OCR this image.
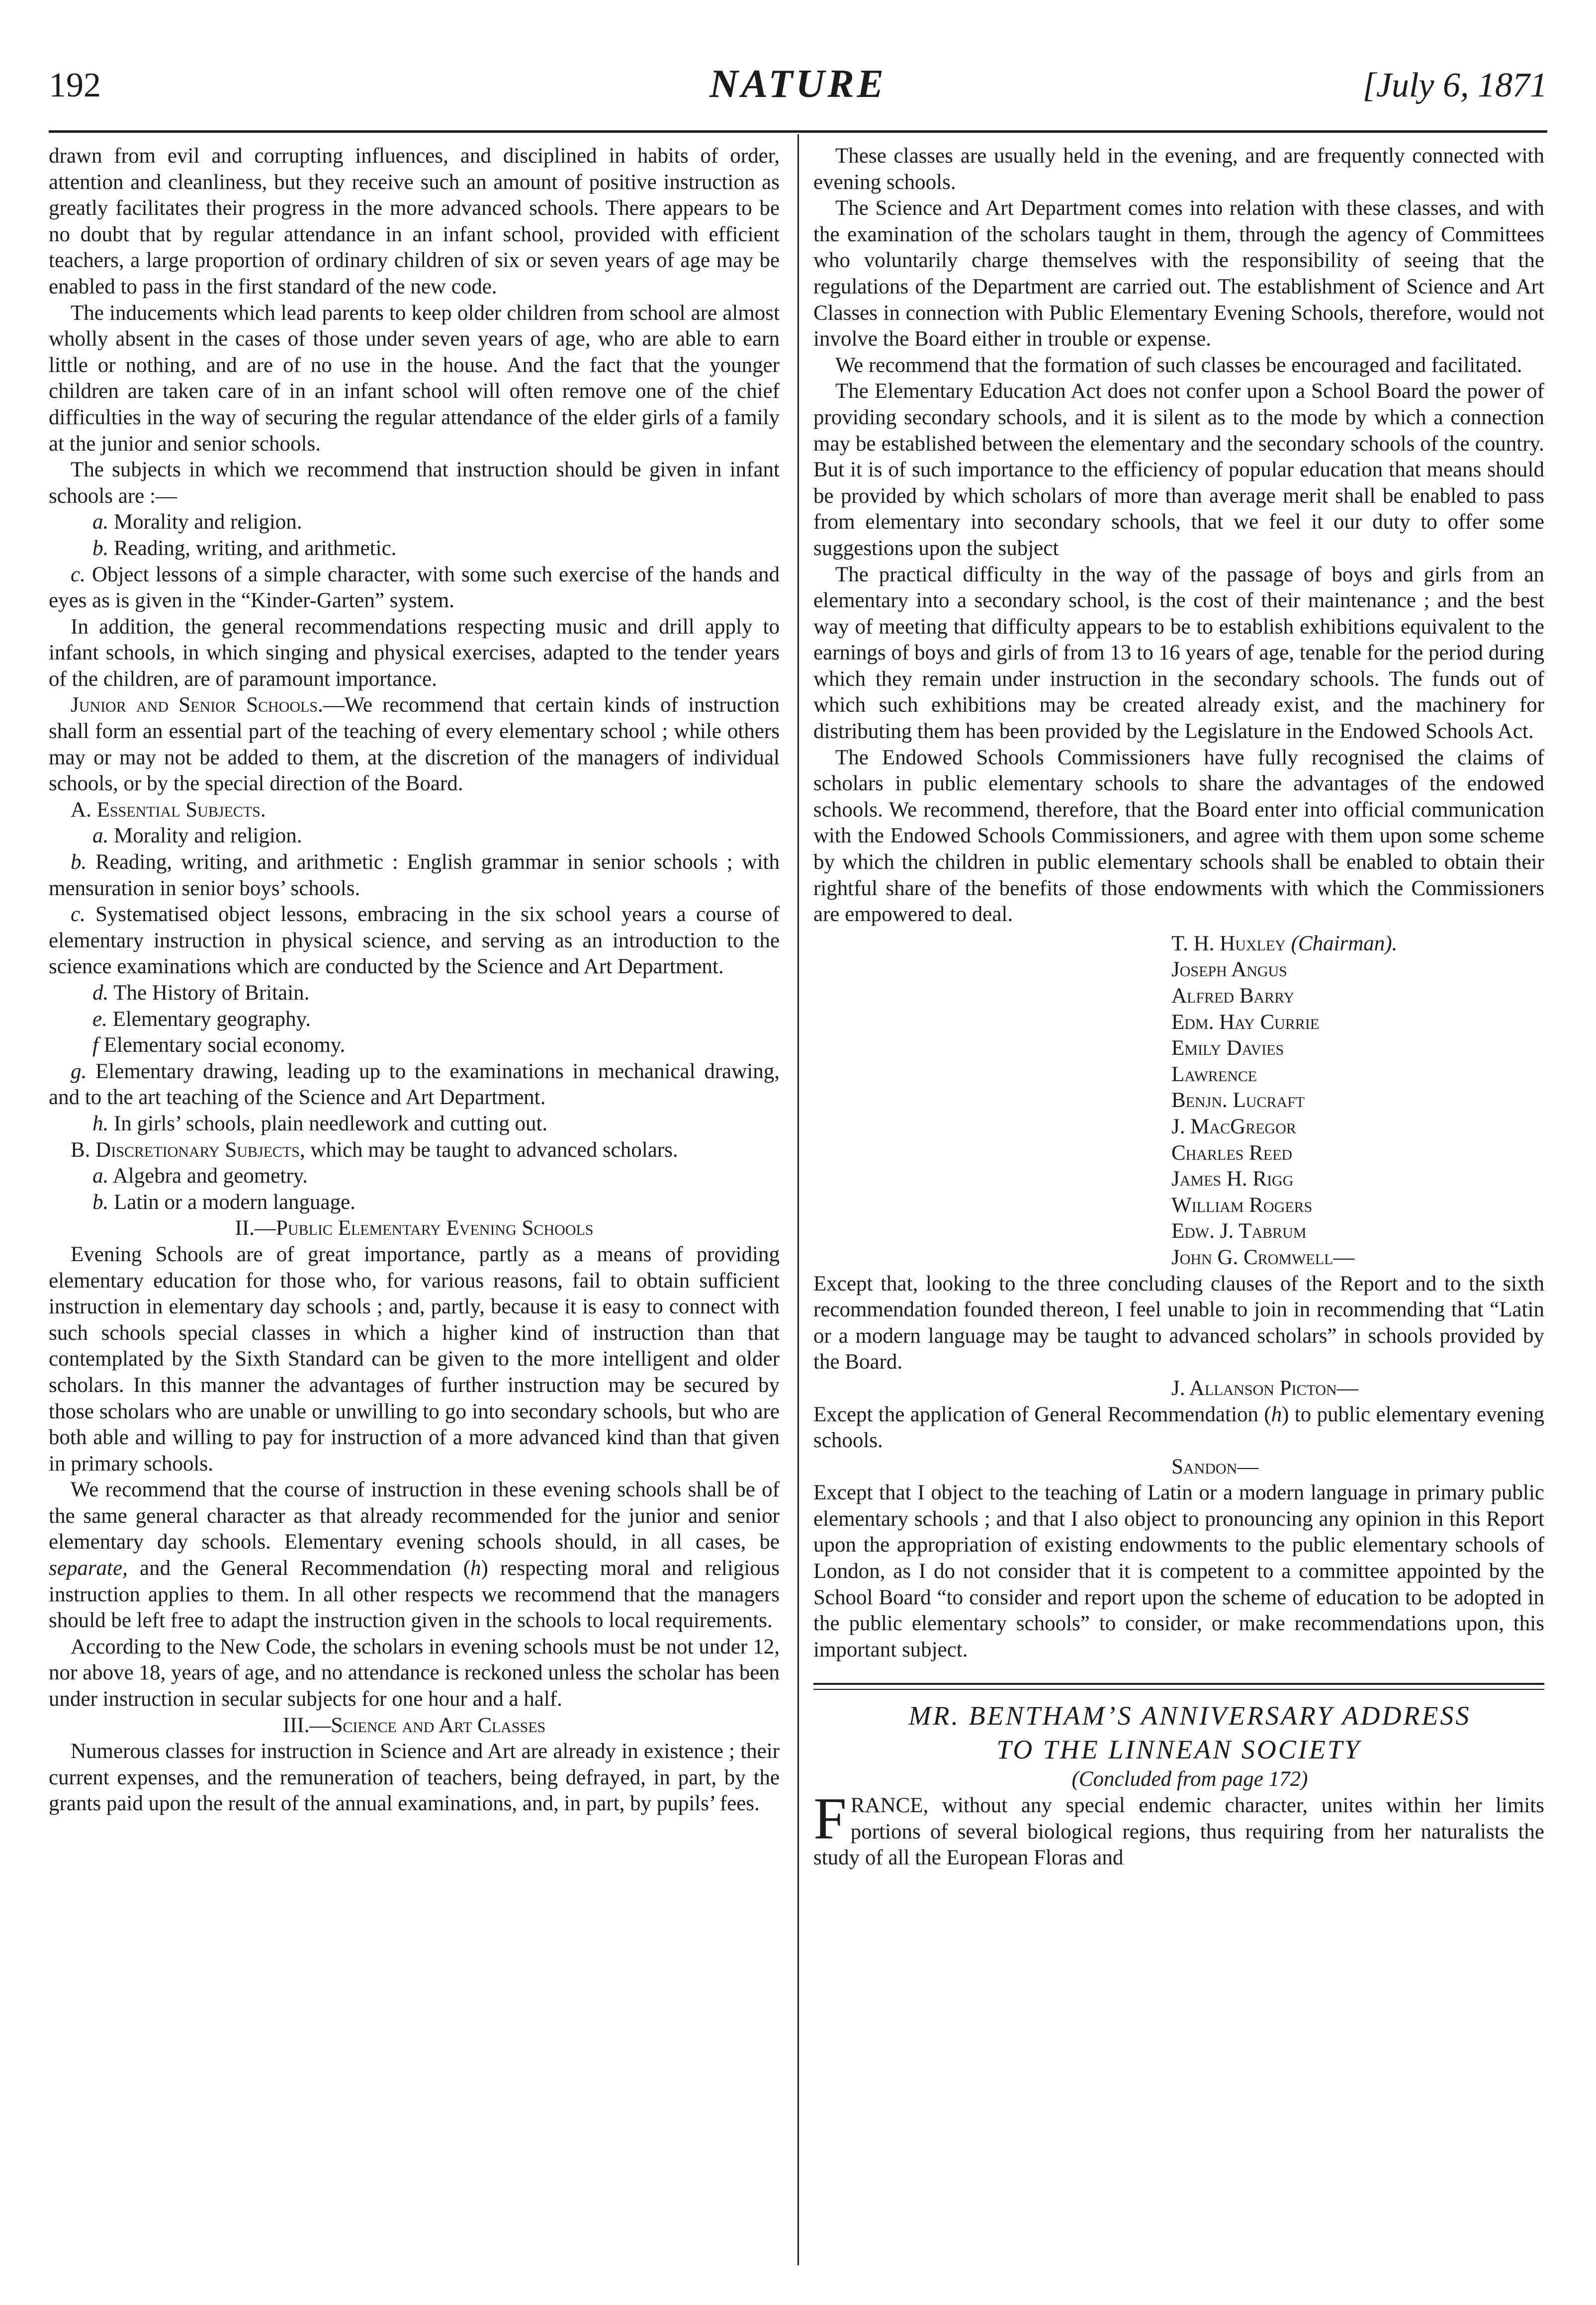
192	NATURE	[July 6, 1871

drawn from evil and corrupting influences, and disciplined in habits of order, attention and cleanliness, but they receive such an amount of positive instruction as greatly facilitates their progress in the more advanced schools. There appears to be no doubt that by regular attendance in an infant school, provided with efficient teachers, a large proportion of ordinary children of six or seven years of age may be enabled to pass in the first standard of the new code.

The inducements which lead parents to keep older children from school are almost wholly absent in the cases of those under seven years of age, who are able to earn little or nothing, and are of no use in the house. And the fact that the younger children are taken care of in an infant school will often remove one of the chief difficulties in the way of securing the regular attendance of the elder girls of a family at the junior and senior schools.

The subjects in which we recommend that instruction should be given in infant schools are :—

a. Morality and religion.

b. Reading, writing, and arithmetic.

c. Object lessons of a simple character, with some such exercise of the hands and eyes as is given in the “Kinder-Garten” system.

In addition, the general recommendations respecting music and drill apply to infant schools, in which singing and physical exercises, adapted to the tender years of the children, are of paramount importance.

Junior and Senior Schools.—We recommend that certain kinds of instruction shall form an essential part of the teaching of every elementary school ; while others may or may not be added to them, at the discretion of the managers of individual schools, or by the special direction of the Board.

A. Essential Subjects.

a. Morality and religion.

b. Reading, writing, and arithmetic : English grammar in senior schools ; with mensuration in senior boys’ schools.

c. Systematised object lessons, embracing in the six school years a course of elementary instruction in physical science, and serving as an introduction to the science examinations which are conducted by the Science and Art Department.

d. The History of Britain.

e. Elementary geography.

f Elementary social economy.

g. Elementary drawing, leading up to the examinations in mechanical drawing, and to the art teaching of the Science and Art Department.

h. In girls’ schools, plain needlework and cutting out.

B. Discretionary Subjects, which may be taught to advanced scholars.

a. Algebra and geometry.

b. Latin or a modern language.

II.—Public Elementary Evening Schools

Evening Schools are of great importance, partly as a means of providing elementary education for those who, for various reasons, fail to obtain sufficient instruction in elementary day schools ; and, partly, because it is easy to connect with such schools special classes in which a higher kind of instruction than that contemplated by the Sixth Standard can be given to the more intelligent and older scholars. In this manner the advantages of further instruction may be secured by those scholars who are unable or unwilling to go into secondary schools, but who are both able and willing to pay for instruction of a more advanced kind than that given in primary schools.

We recommend that the course of instruction in these evening schools shall be of the same general character as that already recommended for the junior and senior elementary day schools. Elementary evening schools should, in all cases, be separate, and the General Recommendation (h) respecting moral and religious instruction applies to them. In all other respects we recommend that the managers should be left free to adapt the instruction given in the schools to local requirements.

According to the New Code, the scholars in evening schools must be not under 12, nor above 18, years of age, and no attendance is reckoned unless the scholar has been under instruction in secular subjects for one hour and a half.

III.—Science and Art Classes

Numerous classes for instruction in Science and Art are already in existence ; their current expenses, and the remuneration of teachers, being defrayed, in part, by the grants paid upon the result of the annual examinations, and, in part, by pupils’ fees.

These classes are usually held in the evening, and are frequently connected with evening schools.

The Science and Art Department comes into relation with these classes, and with the examination of the scholars taught in them, through the agency of Committees who voluntarily charge themselves with the responsibility of seeing that the regulations of the Department are carried out. The establishment of Science and Art Classes in connection with Public Elementary Evening Schools, therefore, would not involve the Board either in trouble or expense.

We recommend that the formation of such classes be encouraged and facilitated.

The Elementary Education Act does not confer upon a School Board the power of providing secondary schools, and it is silent as to the mode by which a connection may be established between the elementary and the secondary schools of the country. But it is of such importance to the efficiency of popular education that means should be provided by which scholars of more than average merit shall be enabled to pass from elementary into secondary schools, that we feel it our duty to offer some suggestions upon the subject

The practical difficulty in the way of the passage of boys and girls from an elementary into a secondary school, is the cost of their maintenance ; and the best way of meeting that difficulty appears to be to establish exhibitions equivalent to the earnings of boys and girls of from 13 to 16 years of age, tenable for the period during which they remain under instruction in the secondary schools. The funds out of which such exhibitions may be created already exist, and the machinery for distributing them has been provided by the Legislature in the Endowed Schools Act.

The Endowed Schools Commissioners have fully recognised the claims of scholars in public elementary schools to share the advantages of the endowed schools. We recommend, therefore, that the Board enter into official communication with the Endowed Schools Commissioners, and agree with them upon some scheme by which the children in public elementary schools shall be enabled to obtain their rightful share of the benefits of those endowments with which the Commissioners are empowered to deal.

T. H. Huxley (Chairman).
Joseph Angus
Alfred Barry
Edm. Hay Currie
Emily Davies
Lawrence
Benjn. Lucraft
J. MacGregor
Charles Reed
James H. Rigg
William Rogers
Edw. J. Tabrum
John G. Cromwell—

Except that, looking to the three concluding clauses of the Report and to the sixth recommendation founded thereon, I feel unable to join in recommending that “Latin or a modern language may be taught to advanced scholars” in schools provided by the Board.

J. Allanson Picton—

Except the application of General Recommendation (h) to public elementary evening schools.

Sandon—

Except that I object to the teaching of Latin or a modern language in primary public elementary schools ; and that I also object to pronouncing any opinion in this Report upon the appropriation of existing endowments to the public elementary schools of London, as I do not consider that it is competent to a committee appointed by the School Board “to consider and report upon the scheme of education to be adopted in the public elementary schools” to consider, or make recommendations upon, this important subject.

MR. BENTHAM’S ANNIVERSARY ADDRESS
TO THE LINNEAN SOCIETY

(Concluded from page 172)

FRANCE, without any special endemic character, unites within her limits portions of several biological regions, thus requiring from her naturalists the study of all the European Floras and
